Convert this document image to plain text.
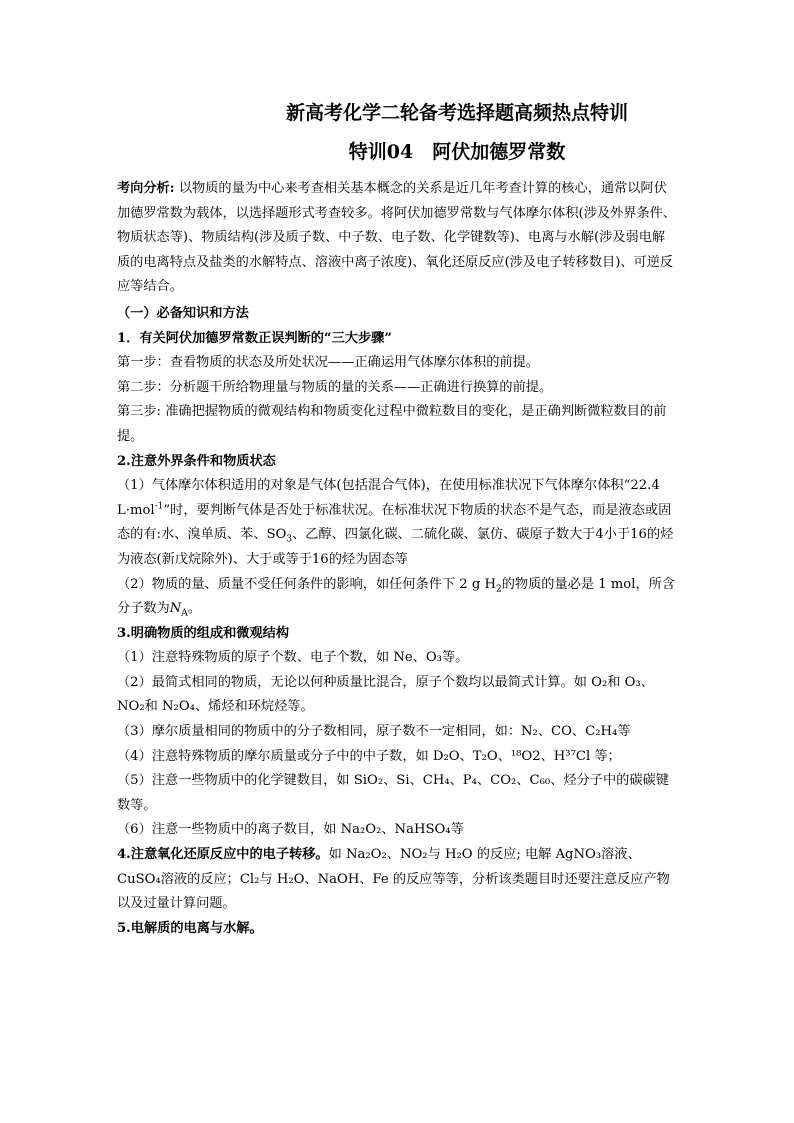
新高考化学二轮备考选择题高频热点特训
特训04　阿伏加德罗常数

考向分析: 以物质的量为中心来考查相关基本概念的关系是近几年考查计算的核心，通常以阿伏加德罗常数为载体，以选择题形式考查较多。将阿伏加德罗常数与气体摩尔体积(涉及外界条件、物质状态等)、物质结构(涉及质子数、中子数、电子数、化学键数等)、电离与水解(涉及弱电解质的电离特点及盐类的水解特点、溶液中离子浓度)、氧化还原反应(涉及电子转移数目)、可逆反应等结合。

（一）必备知识和方法

1．有关阿伏加德罗常数正误判断的“三大步骤”

第一步：查看物质的状态及所处状况——正确运用气体摩尔体积的前提。

第二步：分析题干所给物理量与物质的量的关系——正确进行换算的前提。

第三步: 准确把握物质的微观结构和物质变化过程中微粒数目的变化，是正确判断微粒数目的前提。

2.注意外界条件和物质状态

（1）气体摩尔体积适用的对象是气体(包括混合气体)，在使用标准状况下气体摩尔体积“22.4 L·mol$^{-1}$”时，要判断气体是否处于标准状况。在标准状况下物质的状态不是气态，而是液态或固态的有:水、溴单质、苯、$SO_3$、乙醇、四氯化碳、二硫化碳、氯仿、碳原子数大于4小于16的烃为液态(新戊烷除外)、大于或等于16的烃为固态等

（2）物质的量、质量不受任何条件的影响，如任何条件下 2 g $H_2$的物质的量必是 1 mol，所含分子数为$N_A$。

3.明确物质的组成和微观结构

（1）注意特殊物质的原子个数、电子个数，如 Ne、O₃等。

（2）最简式相同的物质，无论以何种质量比混合，原子个数均以最简式计算。如 O₂和 O₃、NO₂和 N₂O₄、烯烃和环烷烃等。

（3）摩尔质量相同的物质中的分子数相同，原子数不一定相同，如：N₂、CO、C₂H₄等

（4）注意特殊物质的摩尔质量或分子中的中子数，如 D₂O、T₂O、¹⁸O2、H³⁷Cl 等；

（5）注意一些物质中的化学键数目，如 SiO₂、Si、CH₄、P₄、CO₂、C₆₀、烃分子中的碳碳键数等。

（6）注意一些物质中的离子数目，如 Na₂O₂、NaHSO₄等

4.注意氧化还原反应中的电子转移。如 Na₂O₂、NO₂与 H₂O 的反应; 电解 AgNO₃溶液、CuSO₄溶液的反应；Cl₂与 H₂O、NaOH、Fe 的反应等等，分析该类题目时还要注意反应产物以及过量计算问题。

5.电解质的电离与水解。
